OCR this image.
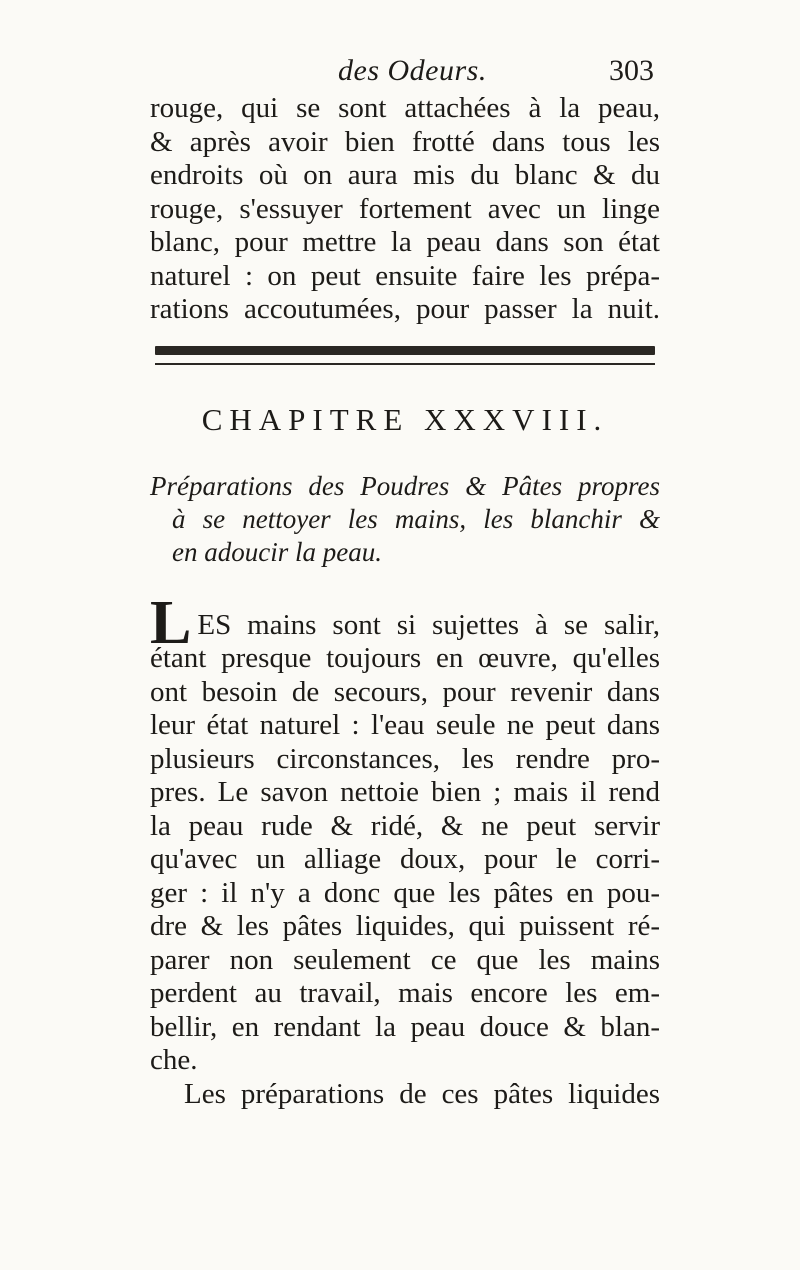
des Odeurs.	303
rouge, qui se sont attachées à la peau,
& après avoir bien frotté dans tous les
endroits où on aura mis du blanc & du
rouge, s'essuyer fortement avec un linge
blanc, pour mettre la peau dans son état
naturel : on peut ensuite faire les prépa-
rations accoutumées, pour passer la nuit.
CHAPITRE XXXVIII.
Préparations des Poudres & Pâtes propres
à se nettoyer les mains, les blanchir &
en adoucir la peau.
L ES mains sont si sujettes à se salir,
étant presque toujours en œuvre, qu'elles
ont besoin de secours, pour revenir dans
leur état naturel : l'eau seule ne peut dans
plusieurs circonstances, les rendre pro-
pres. Le savon nettoie bien ; mais il rend
la peau rude & ridé, & ne peut servir
qu'avec un alliage doux, pour le corri-
ger : il n'y a donc que les pâtes en pou-
dre & les pâtes liquides, qui puissent ré-
parer non seulement ce que les mains
perdent au travail, mais encore les em-
bellir, en rendant la peau douce & blan-
che.
Les préparations de ces pâtes liquides
